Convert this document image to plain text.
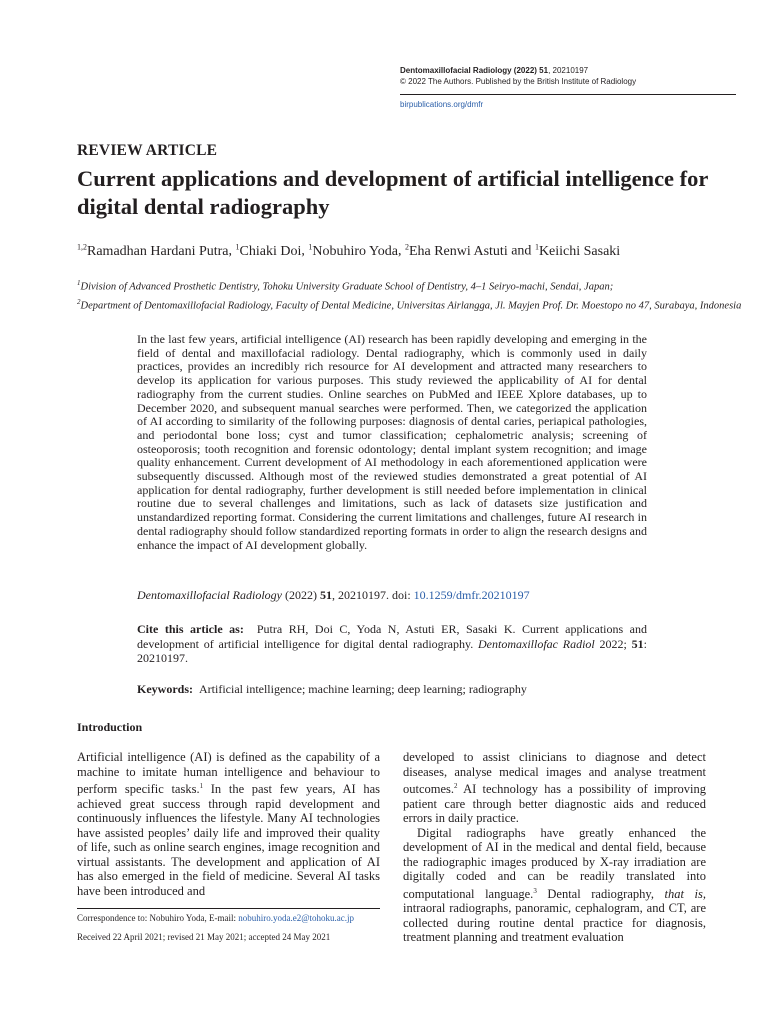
Dentomaxillofacial Radiology (2022) 51, 20210197
© 2022 The Authors. Published by the British Institute of Radiology
birpublications.org/dmfr
REVIEW ARTICLE
Current applications and development of artificial intelligence for digital dental radiography
$^{1,2}$Ramadhan Hardani Putra, $^1$Chiaki Doi, $^1$Nobuhiro Yoda, $^2$Eha Renwi Astuti and $^1$Keiichi Sasaki
$^1$Division of Advanced Prosthetic Dentistry, Tohoku University Graduate School of Dentistry, 4–1 Seiryo-machi, Sendai, Japan;
$^2$Department of Dentomaxillofacial Radiology, Faculty of Dental Medicine, Universitas Airlangga, Jl. Mayjen Prof. Dr. Moestopo no 47, Surabaya, Indonesia

In the last few years, artificial intelligence (AI) research has been rapidly developing and emerging in the field of dental and maxillofacial radiology. Dental radiography, which is commonly used in daily practices, provides an incredibly rich resource for AI development and attracted many researchers to develop its application for various purposes. This study reviewed the applicability of AI for dental radiography from the current studies. Online searches on PubMed and IEEE Xplore databases, up to December 2020, and subsequent manual searches were performed. Then, we categorized the application of AI according to similarity of the following purposes: diagnosis of dental caries, periapical pathologies, and periodontal bone loss; cyst and tumor classification; cephalometric analysis; screening of osteoporosis; tooth recognition and forensic odontology; dental implant system recognition; and image quality enhancement. Current development of AI methodology in each aforementioned application were subsequently discussed. Although most of the reviewed studies demonstrated a great potential of AI application for dental radiography, further development is still needed before implementation in clinical routine due to several challenges and limitations, such as lack of datasets size justification and unstandardized reporting format. Considering the current limitations and challenges, future AI research in dental radiography should follow standardized reporting formats in order to align the research designs and enhance the impact of AI development globally.

Dentomaxillofacial Radiology (2022) 51, 20210197. doi: 10.1259/dmfr.20210197

Cite this article as: Putra RH, Doi C, Yoda N, Astuti ER, Sasaki K. Current applications and development of artificial intelligence for digital dental radiography. Dentomaxillofac Radiol 2022; 51: 20210197.

Keywords: Artificial intelligence; machine learning; deep learning; radiography
Introduction

Artificial intelligence (AI) is defined as the capability of a machine to imitate human intelligence and behaviour to perform specific tasks.$^1$ In the past few years, AI has achieved great success through rapid development and continuously influences the lifestyle. Many AI technologies have assisted peoples’ daily life and improved their quality of life, such as online search engines, image recognition and virtual assistants. The development and application of AI has also emerged in the field of medicine. Several AI tasks have been introduced and

developed to assist clinicians to diagnose and detect diseases, analyse medical images and analyse treatment outcomes.$^2$ AI technology has a possibility of improving patient care through better diagnostic aids and reduced errors in daily practice.

Digital radiographs have greatly enhanced the development of AI in the medical and dental field, because the radiographic images produced by X-ray irradiation are digitally coded and can be readily translated into computational language.$^3$ Dental radiography, that is, intraoral radiographs, panoramic, cephalogram, and CT, are collected during routine dental practice for diagnosis, treatment planning and treatment evaluation

Correspondence to: Nobuhiro Yoda, E-mail: nobuhiro.yoda.e2@tohoku.ac.jp
Received 22 April 2021; revised 21 May 2021; accepted 24 May 2021
